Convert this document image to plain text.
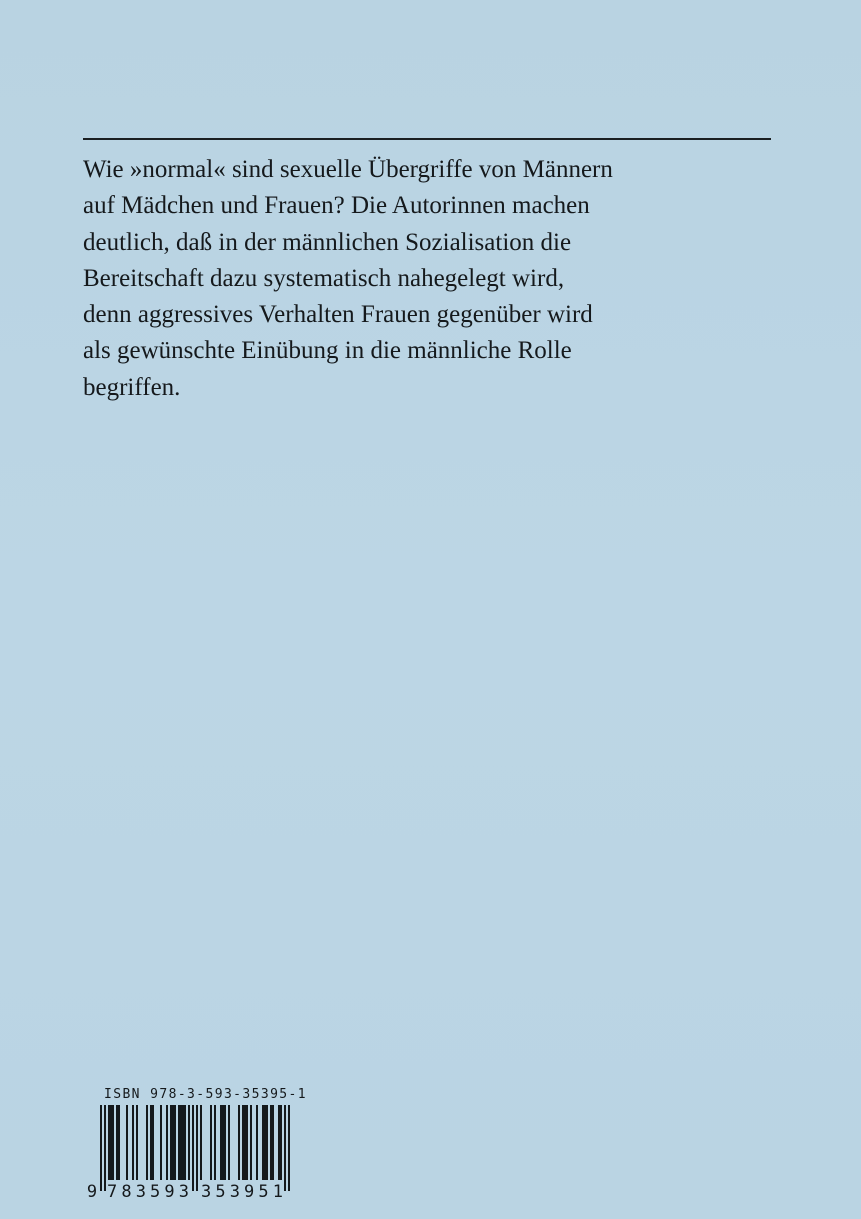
Wie »normal« sind sexuelle Übergriffe von Männern
auf Mädchen und Frauen? Die Autorinnen machen
deutlich, daß in der männlichen Sozialisation die
Bereitschaft dazu systematisch nahegelegt wird,
denn aggressives Verhalten Frauen gegenüber wird
als gewünschte Einübung in die männliche Rolle
begriffen.

ISBN 978-3-593-35395-1

9 783593 353951
